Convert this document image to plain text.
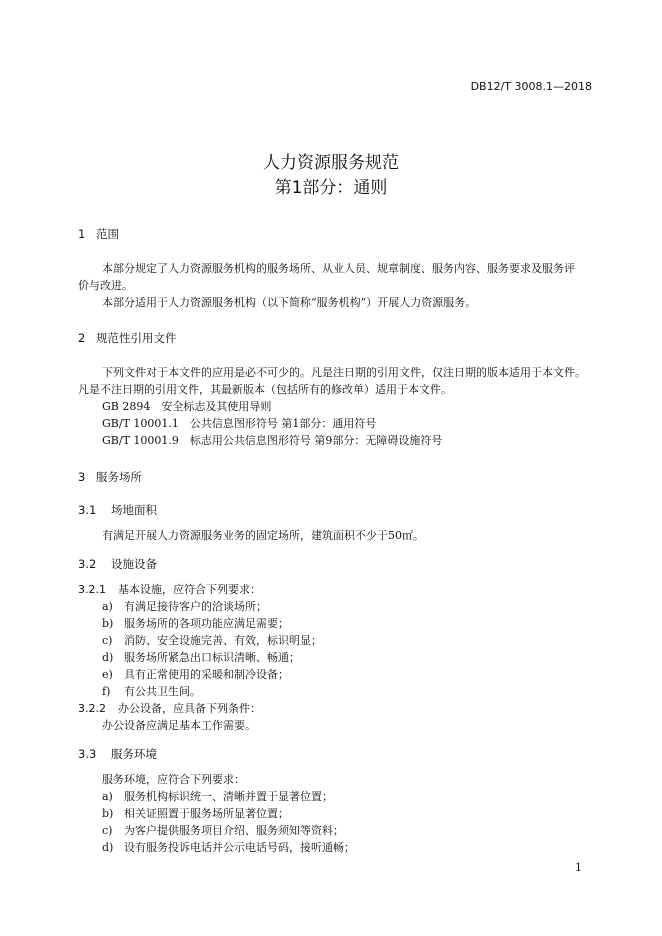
DB12/T 3008.1—2018
人力资源服务规范
第1部分：通则
1 范围
本部分规定了人力资源服务机构的服务场所、从业人员、规章制度、服务内容、服务要求及服务评
价与改进。
本部分适用于人力资源服务机构（以下简称“服务机构”）开展人力资源服务。
2 规范性引用文件
下列文件对于本文件的应用是必不可少的。凡是注日期的引用文件，仅注日期的版本适用于本文件。
凡是不注日期的引用文件，其最新版本（包括所有的修改单）适用于本文件。
GB 2894　安全标志及其使用导则
GB/T 10001.1　公共信息图形符号 第1部分：通用符号
GB/T 10001.9　标志用公共信息图形符号 第9部分：无障碍设施符号
3 服务场所
3.1 场地面积
有满足开展人力资源服务业务的固定场所，建筑面积不少于50㎡。
3.2 设施设备
3.2.1 基本设施，应符合下列要求：
a) 有满足接待客户的洽谈场所；
b) 服务场所的各项功能应满足需要；
c) 消防、安全设施完善、有效，标识明显；
d) 服务场所紧急出口标识清晰、畅通；
e) 具有正常使用的采暖和制冷设备；
f) 有公共卫生间。
3.2.2 办公设备，应具备下列条件：
办公设备应满足基本工作需要。
3.3 服务环境
服务环境，应符合下列要求：
a) 服务机构标识统一、清晰并置于显著位置；
b) 相关证照置于服务场所显著位置；
c) 为客户提供服务项目介绍、服务须知等资料；
d) 设有服务投诉电话并公示电话号码，接听通畅；
1
